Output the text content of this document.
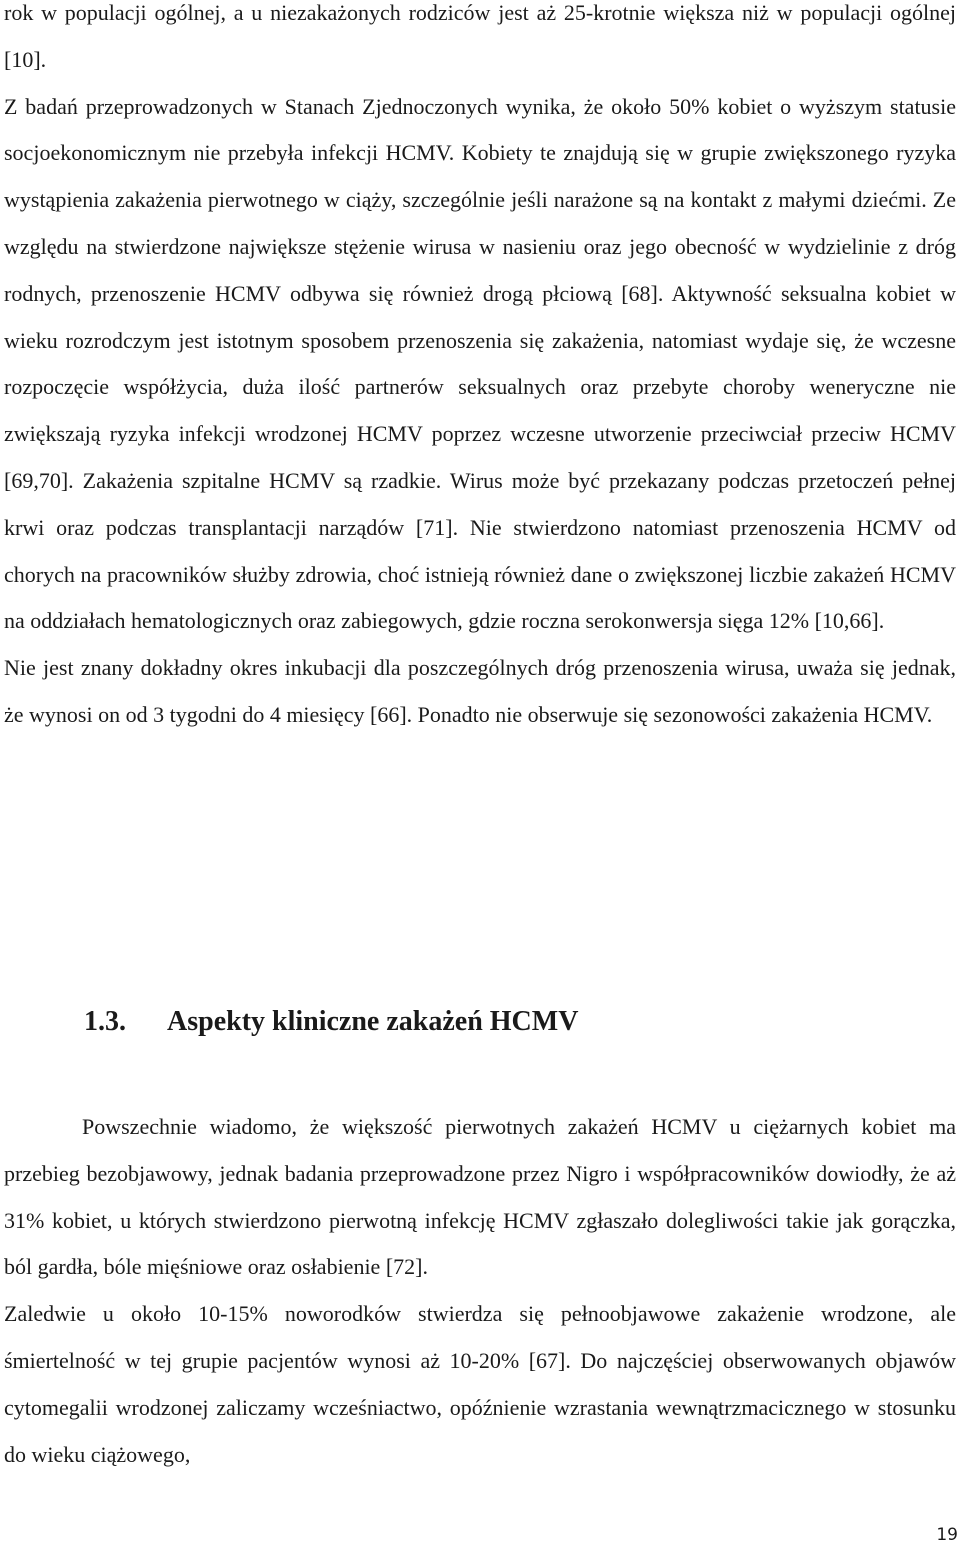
rok w populacji ogólnej, a u niezakażonych rodziców jest aż 25-krotnie większa niż w populacji ogólnej [10].

Z badań przeprowadzonych w Stanach Zjednoczonych wynika, że około 50% kobiet o wyższym statusie socjoekonomicznym nie przebyła infekcji HCMV. Kobiety te znajdują się w grupie zwiększonego ryzyka wystąpienia zakażenia pierwotnego w ciąży, szczególnie jeśli narażone są na kontakt z małymi dziećmi. Ze względu na stwierdzone największe stężenie wirusa w nasieniu oraz jego obecność w wydzielinie z dróg rodnych, przenoszenie HCMV odbywa się również drogą płciową [68]. Aktywność seksualna kobiet w wieku rozrodczym jest istotnym sposobem przenoszenia się zakażenia, natomiast wydaje się, że wczesne rozpoczęcie współżycia, duża ilość partnerów seksualnych oraz przebyte choroby weneryczne nie zwiększają ryzyka infekcji wrodzonej HCMV poprzez wczesne utworzenie przeciwciał przeciw HCMV [69,70]. Zakażenia szpitalne HCMV są rzadkie. Wirus może być przekazany podczas przetoczeń pełnej krwi oraz podczas transplantacji narządów [71]. Nie stwierdzono natomiast przenoszenia HCMV od chorych na pracowników służby zdrowia, choć istnieją również dane o zwiększonej liczbie zakażeń HCMV na oddziałach hematologicznych oraz zabiegowych, gdzie roczna serokonwersja sięga 12% [10,66].

Nie jest znany dokładny okres inkubacji dla poszczególnych dróg przenoszenia wirusa, uważa się jednak, że wynosi on od 3 tygodni do 4 miesięcy [66]. Ponadto nie obserwuje się sezonowości zakażenia HCMV.

1.3. Aspekty kliniczne zakażeń HCMV

Powszechnie wiadomo, że większość pierwotnych zakażeń HCMV u ciężarnych kobiet ma przebieg bezobjawowy, jednak badania przeprowadzone przez Nigro i współpracowników dowiodły, że aż 31% kobiet, u których stwierdzono pierwotną infekcję HCMV zgłaszało dolegliwości takie jak gorączka, ból gardła, bóle mięśniowe oraz osłabienie [72].

Zaledwie u około 10-15% noworodków stwierdza się pełnoobjawowe zakażenie wrodzone, ale śmiertelność w tej grupie pacjentów wynosi aż 10-20% [67]. Do najczęściej obserwowanych objawów cytomegalii wrodzonej zaliczamy wcześniactwo, opóźnienie wzrastania wewnątrzmacicznego w stosunku do wieku ciążowego,

19
